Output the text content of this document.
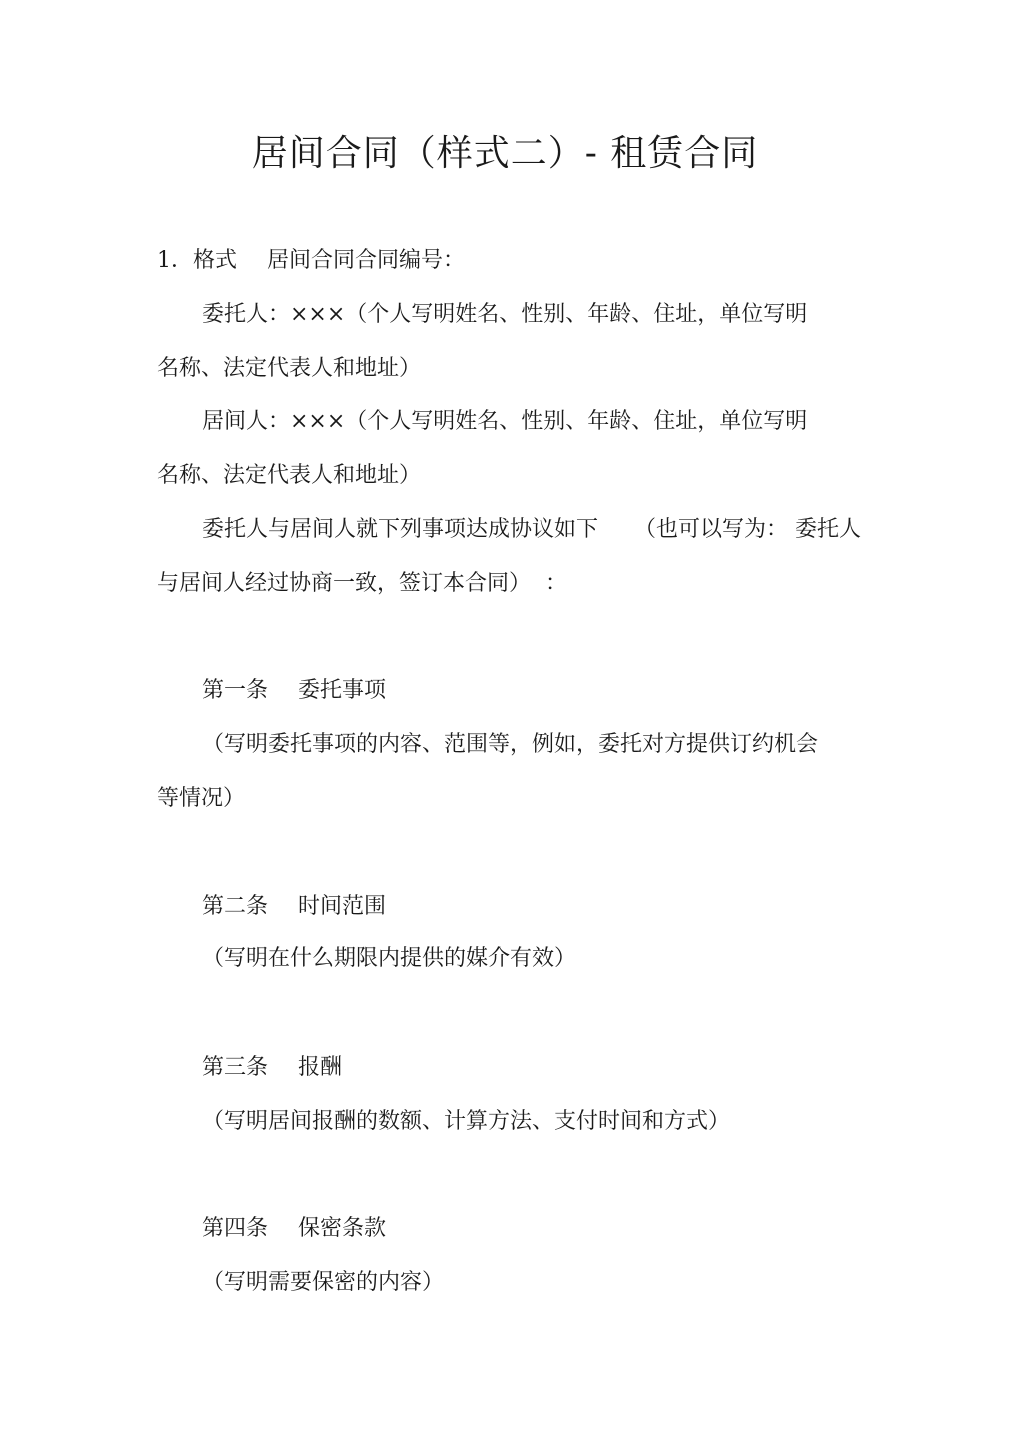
居间合同（样式二）- 租赁合同
1．格式 居间合同合同编号：
委托人：×××（个人写明姓名、性别、年龄、住址，单位写明
名称、法定代表人和地址）
居间人：×××（个人写明姓名、性别、年龄、住址，单位写明
名称、法定代表人和地址）
委托人与居间人就下列事项达成协议如下 （也可以写为： 委托人
与居间人经过协商一致，签订本合同） ：
第一条 委托事项
（写明委托事项的内容、范围等，例如，委托对方提供订约机会
等情况）
第二条 时间范围
（写明在什么期限内提供的媒介有效）
第三条 报酬
（写明居间报酬的数额、计算方法、支付时间和方式）
第四条 保密条款
（写明需要保密的内容）
